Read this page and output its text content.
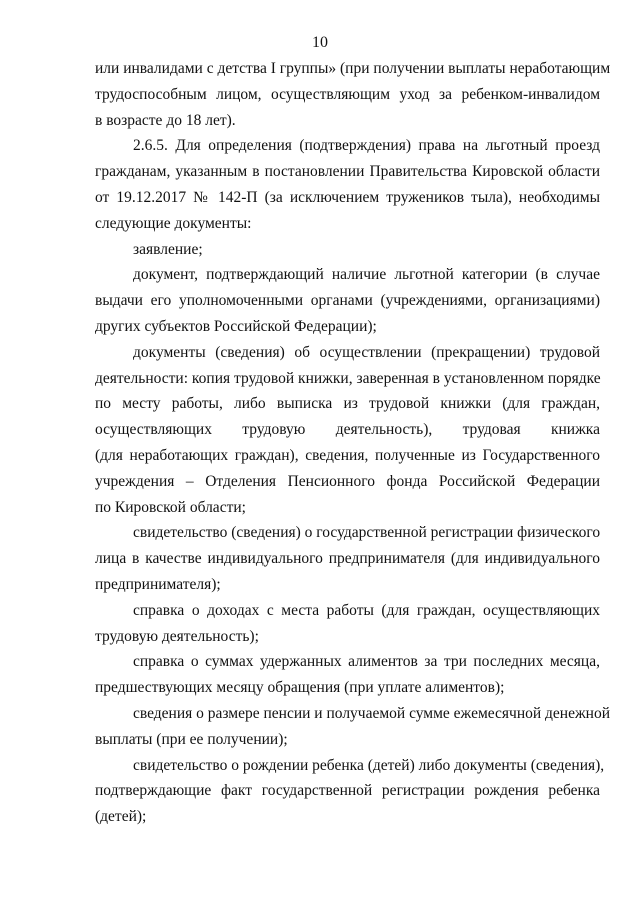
10

или инвалидами с детства I группы» (при получении выплаты неработающим

трудоспособным лицом, осуществляющим уход за ребенком-инвалидом

в возрасте до 18 лет).

2.6.5. Для определения (подтверждения) права на льготный проезд

гражданам, указанным в постановлении Правительства Кировской области

от 19.12.2017 № 142-П (за исключением тружеников тыла), необходимы

следующие документы:

заявление;

документ, подтверждающий наличие льготной категории (в случае

выдачи его уполномоченными органами (учреждениями, организациями)

других субъектов Российской Федерации);

документы (сведения) об осуществлении (прекращении) трудовой

деятельности: копия трудовой книжки, заверенная в установленном порядке

по месту работы, либо выписка из трудовой книжки (для граждан,

осуществляющих трудовую деятельность), трудовая книжка

(для неработающих граждан), сведения, полученные из Государственного

учреждения – Отделения Пенсионного фонда Российской Федерации

по Кировской области;

свидетельство (сведения) о государственной регистрации физического

лица в качестве индивидуального предпринимателя (для индивидуального

предпринимателя);

справка о доходах с места работы (для граждан, осуществляющих

трудовую деятельность);

справка о суммах удержанных алиментов за три последних месяца,

предшествующих месяцу обращения (при уплате алиментов);

сведения о размере пенсии и получаемой сумме ежемесячной денежной

выплаты (при ее получении);

свидетельство о рождении ребенка (детей) либо документы (сведения),

подтверждающие факт государственной регистрации рождения ребенка

(детей);
